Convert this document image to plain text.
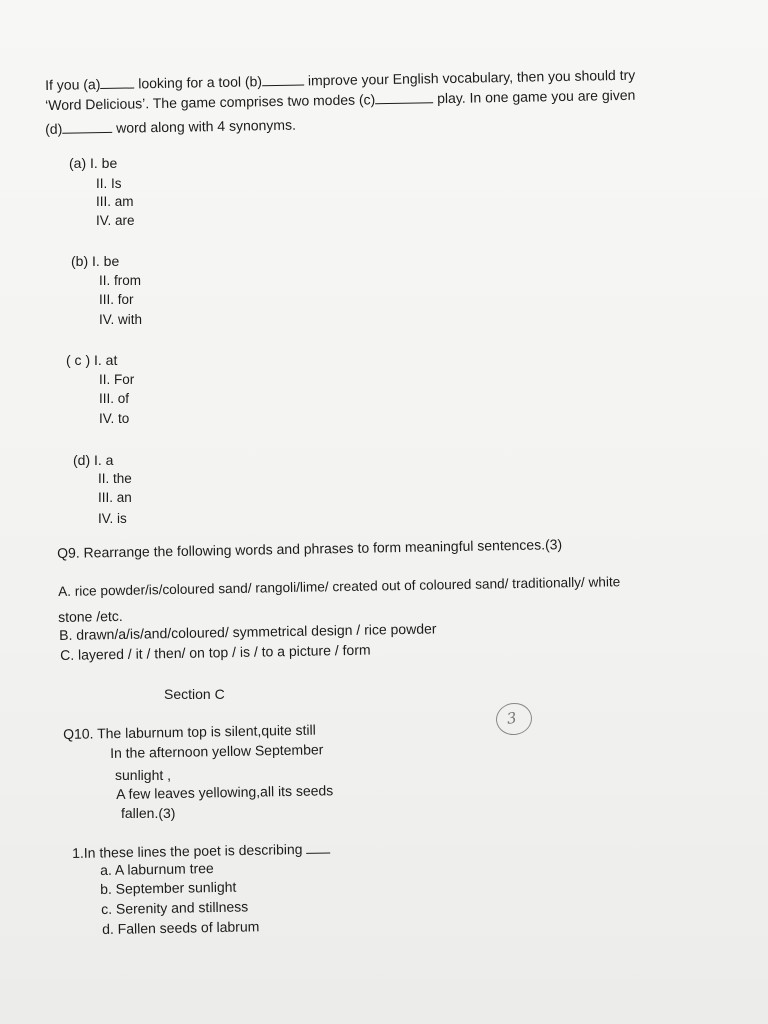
If you (a)	looking for a tool (b)	improve your English vocabulary, then you should try
‘Word Delicious’. The game comprises two modes (c)	play. In one game you are given
(d)	word along with 4 synonyms.
(a) I. be
II. Is
III. am
IV. are
(b) I. be
II. from
III. for
IV. with
( c ) I. at
II. For
III. of
IV. to
(d) I. a
II. the
III. an
IV. is
Q9. Rearrange the following words and phrases to form meaningful sentences.(3)
A. rice powder/is/coloured sand/ rangoli/lime/ created out of coloured sand/ traditionally/ white
stone /etc.
B. drawn/a/is/and/coloured/ symmetrical design / rice powder
C. layered / it / then/ on top / is / to a picture / form
Section C
3
Q10. The laburnum top is silent,quite still
In the afternoon yellow September
sunlight ,
A few leaves yellowing,all its seeds
fallen.(3)
1.In these lines the poet is describing
a. A laburnum tree
b. September sunlight
c. Serenity and stillness
d. Fallen seeds of labrum
